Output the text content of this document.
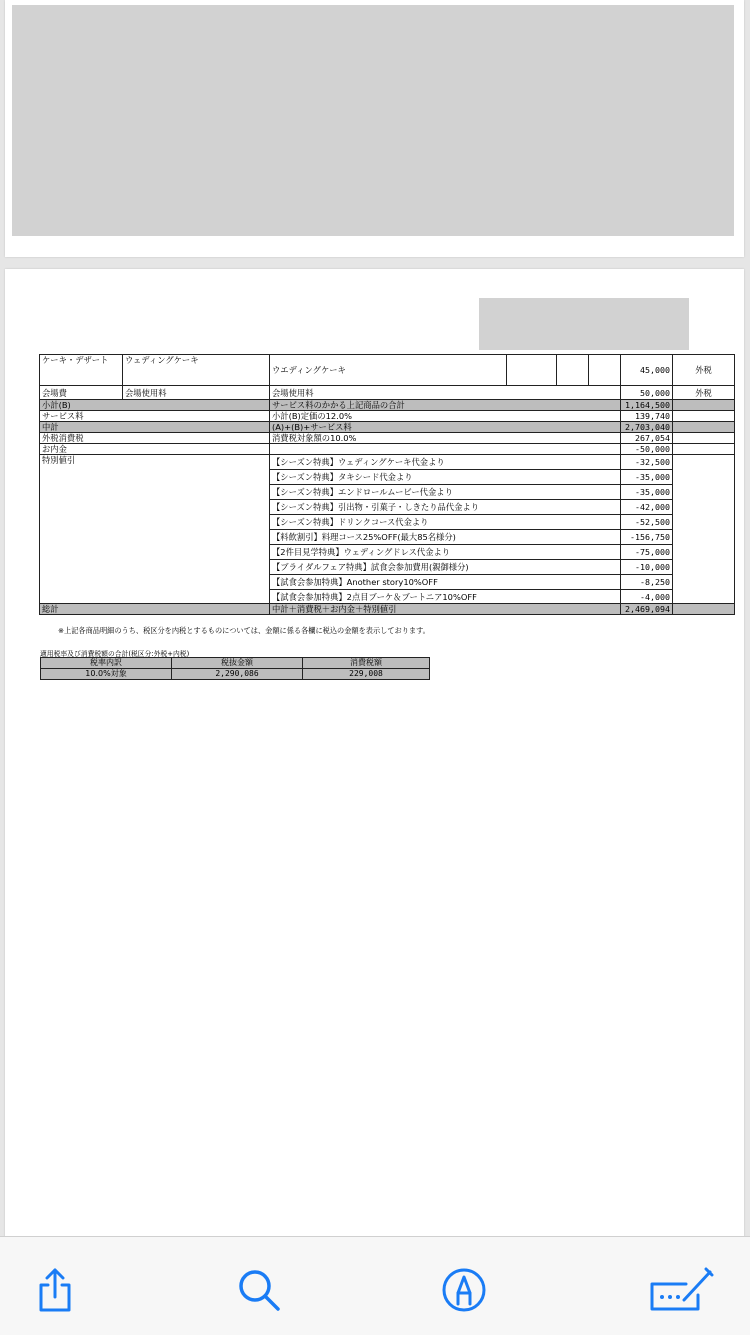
ケーキ・デザート	ウェディングケーキ	ウエディングケーキ				45,000	外税
会場費	会場使用料	会場使用料				50,000	外税
小計(B)		サービス料のかかる上記商品の合計				1,164,500	
サービス料		小計(B)定価の12.0%				139,740	
中計		(A)+(B)+サービス料				2,703,040	
外税消費税		消費税対象額の10.0%				267,054	
お内金						-50,000	
特別値引		【シーズン特典】ウェディングケーキ代金より				-32,500	
		【シーズン特典】タキシード代金より				-35,000	
		【シーズン特典】エンドロールムービー代金より				-35,000	
		【シーズン特典】引出物・引菓子・しきたり品代金より				-42,000	
		【シーズン特典】ドリンクコース代金より				-52,500	
		【料飲割引】料理コース25%OFF(最大85名様分)				-156,750	
		【2件目見学特典】ウェディングドレス代金より				-75,000	
		【ブライダルフェア特典】試食会参加費用(親御様分)				-10,000	
		【試食会参加特典】Another story10%OFF				-8,250	
		【試食会参加特典】2点目ブーケ＆ブートニア10%OFF				-4,000	
総計		中計＋消費税＋お内金＋特別値引				2,469,094	
※上記各商品明細のうち、税区分を内税とするものについては、金額に係る各欄に税込の金額を表示しております。
適用税率及び消費税額の合計(税区分:外税+内税)
税率内訳	税抜金額	消費税額
10.0%対象	2,290,086	229,008
